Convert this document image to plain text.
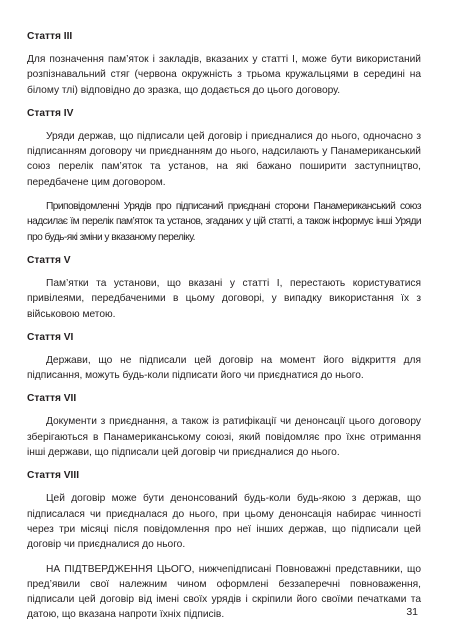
Стаття III

Для позначення пам’яток і закладів, вказаних у статті I, може бути використаний розпізнавальний стяг (червона окружність з трьома кружальцями в середині на білому тлі) відповідно до зразка, що додається до цього договору.

Стаття IV

Уряди держав, що підписали цей договір і приєдналися до нього, одночасно з підписанням договору чи приєднанням до нього, надсилають у Панамериканський союз перелік пам’яток та установ, на які бажано поширити заступництво, передбачене цим договором.

Приповідомленні Урядів про підписаний приєднані сторони Панамериканський союз надсилає їм перелік пам’яток та установ, згаданих у цій статті, а також інформує інші Уряди про будь-які зміни у вказаному переліку.

Стаття V

Пам’ятки та установи, що вказані у статті I, перестають користуватися привілеями, передбаченими в цьому договорі, у випадку використання їх з військовою метою.

Стаття VI

Держави, що не підписали цей договір на момент його відкриття для підписання, можуть будь-коли підписати його чи приєднатися до нього.

Стаття VII

Документи з приєднання, а також із ратифікації чи денонсації цього договору зберігаються в Панамериканському союзі, який повідомляє про їхнє отримання інші держави, що підписали цей договір чи приєдналися до нього.

Стаття VIII

Цей договір може бути денонсований будь-коли будь-якою з держав, що підписалася чи приєдналася до нього, при цьому денонсація набирає чинності через три місяці після повідомлення про неї інших держав, що підписали цей договір чи приєдналися до нього.

НА ПІДТВЕРДЖЕННЯ ЦЬОГО, нижчепідписані Повноважні представники, що пред’явили свої належним чином оформлені беззаперечні повноваження, підписали цей договір від імені своїх урядів і скріпили його своїми печатками та датою, що вказана напроти їхніх підписів.	31
